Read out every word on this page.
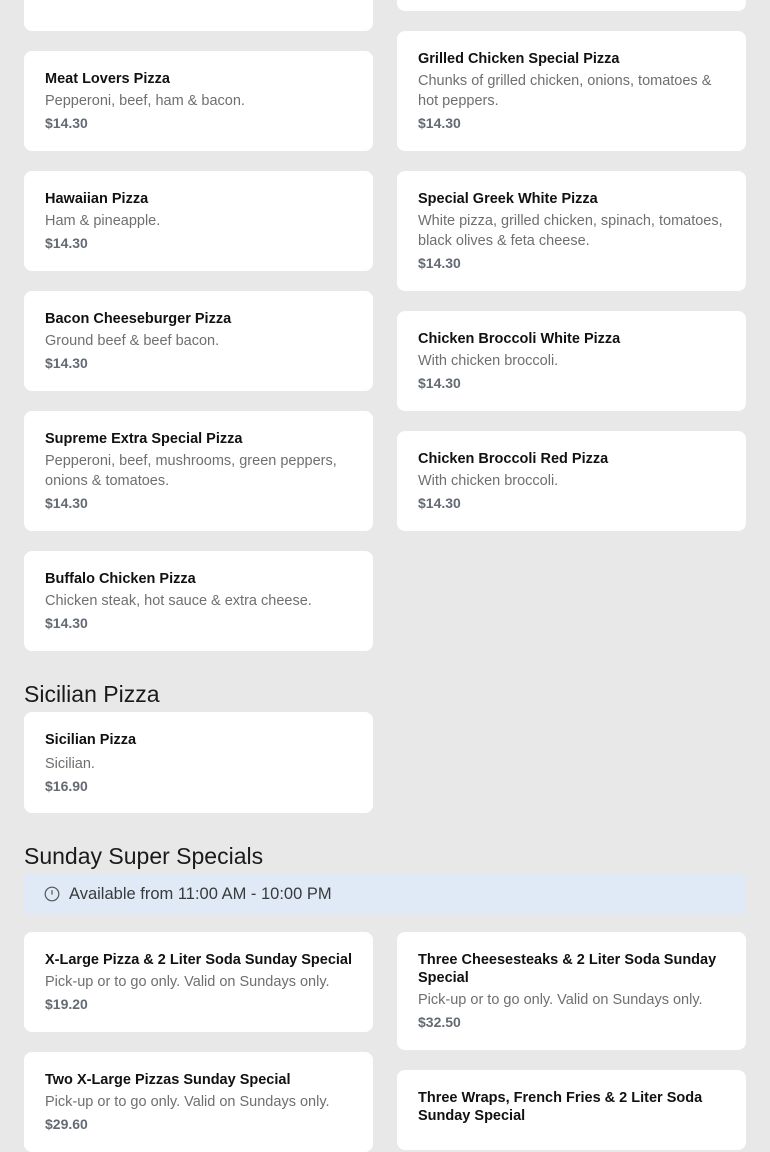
Meat Lovers Pizza
Pepperoni, beef, ham & bacon.
$14.30
Hawaiian Pizza
Ham & pineapple.
$14.30
Bacon Cheeseburger Pizza
Ground beef & beef bacon.
$14.30
Supreme Extra Special Pizza
Pepperoni, beef, mushrooms, green peppers, onions & tomatoes.
$14.30
Buffalo Chicken Pizza
Chicken steak, hot sauce & extra cheese.
$14.30
Grilled Chicken Special Pizza
Chunks of grilled chicken, onions, tomatoes & hot peppers.
$14.30
Special Greek White Pizza
White pizza, grilled chicken, spinach, tomatoes, black olives & feta cheese.
$14.30
Chicken Broccoli White Pizza
With chicken broccoli.
$14.30
Chicken Broccoli Red Pizza
With chicken broccoli.
$14.30
Sicilian Pizza
Sicilian Pizza
Sicilian.
$16.90
Sunday Super Specials
Available from 11:00 AM - 10:00 PM
X-Large Pizza & 2 Liter Soda Sunday Special
Pick-up or to go only. Valid on Sundays only.
$19.20
Two X-Large Pizzas Sunday Special
Pick-up or to go only. Valid on Sundays only.
$29.60
Three Cheesesteaks & 2 Liter Soda Sunday Special
Pick-up or to go only. Valid on Sundays only.
$32.50
Three Wraps, French Fries & 2 Liter Soda Sunday Special
